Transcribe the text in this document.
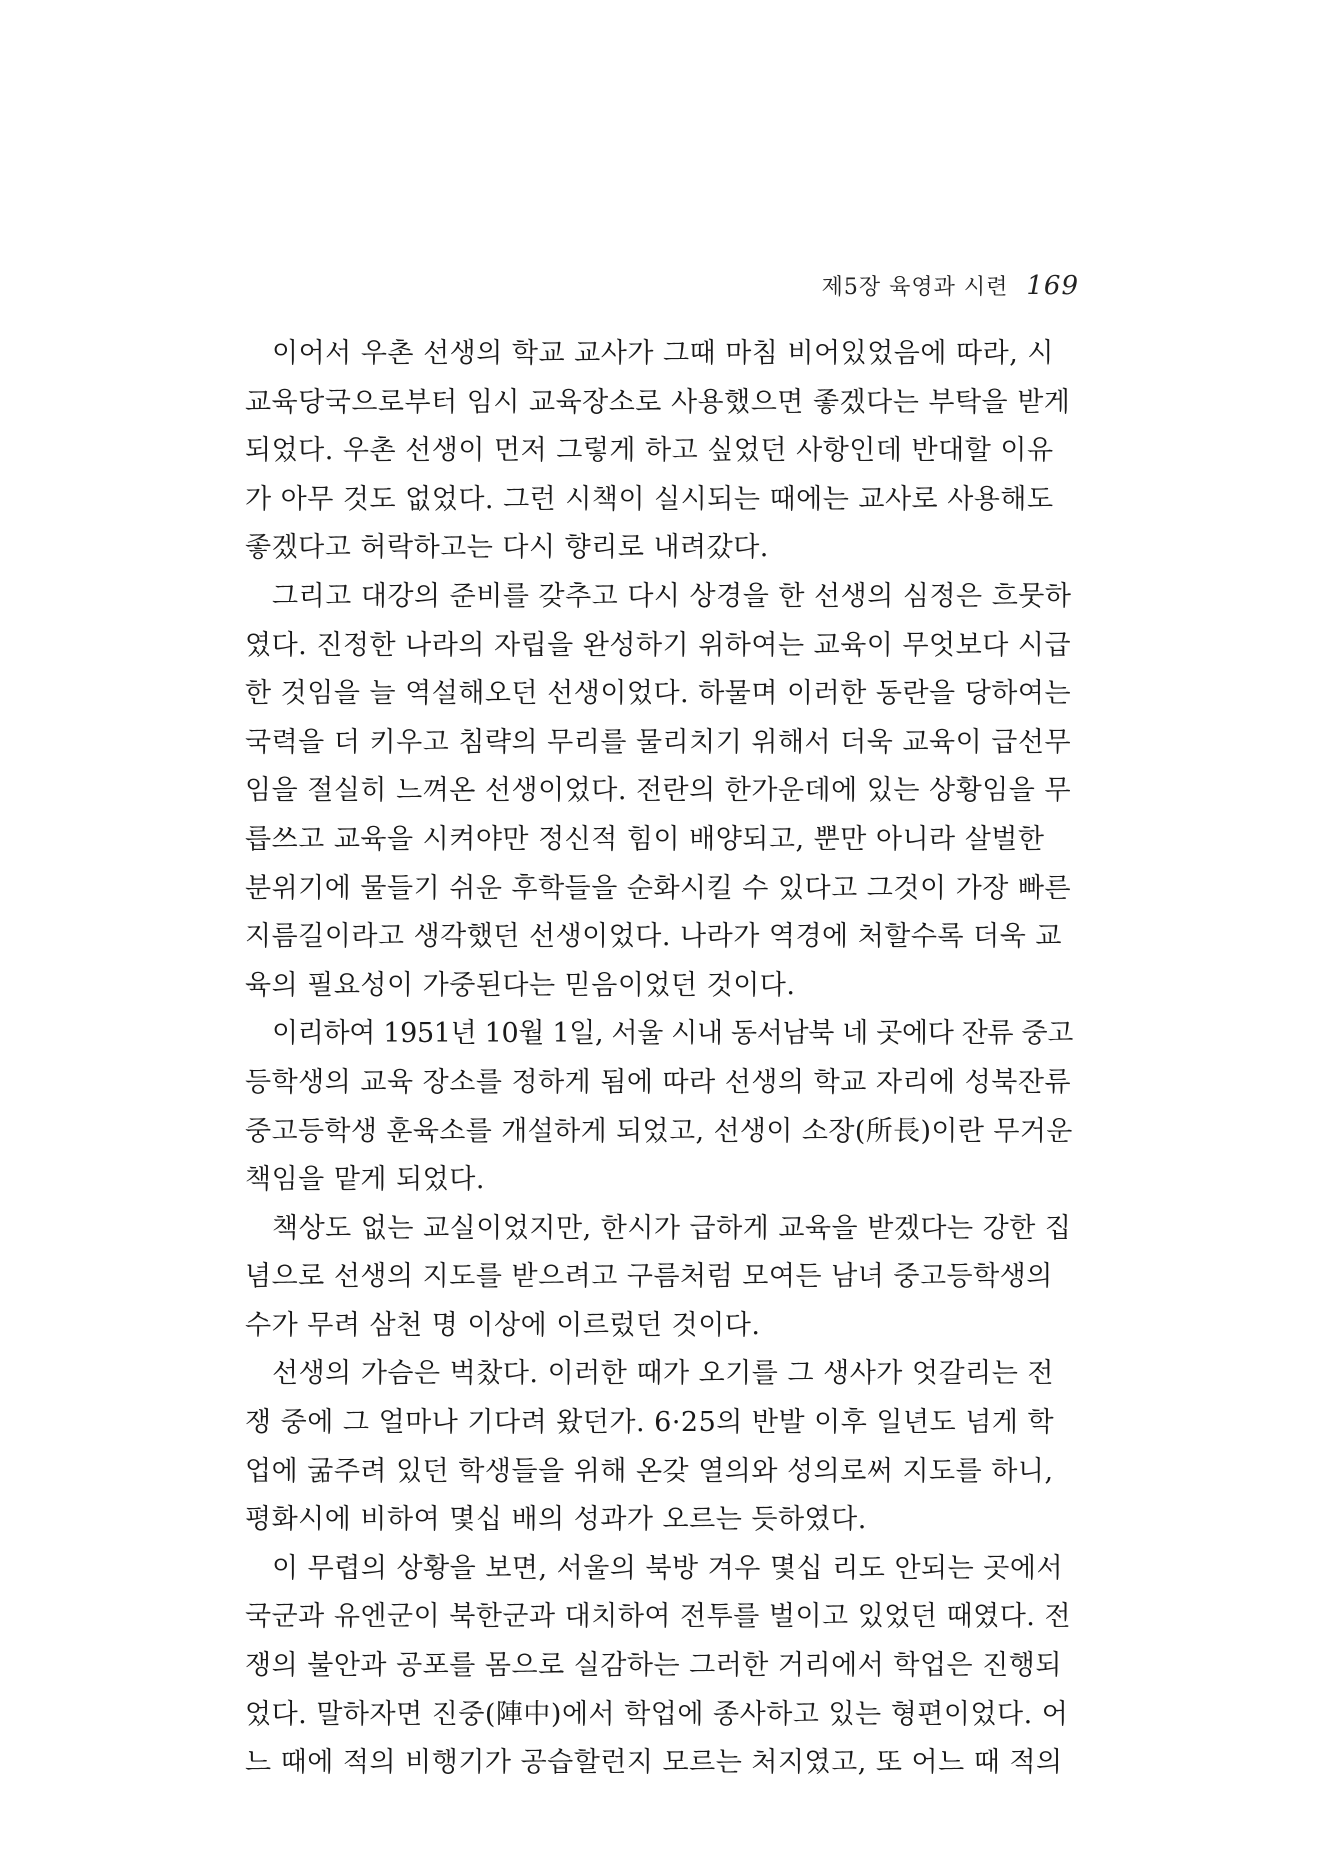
제5장 육영과 시련 169
이어서 우촌 선생의 학교 교사가 그때 마침 비어있었음에 따라, 시
교육당국으로부터 임시 교육장소로 사용했으면 좋겠다는 부탁을 받게
되었다. 우촌 선생이 먼저 그렇게 하고 싶었던 사항인데 반대할 이유
가 아무 것도 없었다. 그런 시책이 실시되는 때에는 교사로 사용해도
좋겠다고 허락하고는 다시 향리로 내려갔다.
그리고 대강의 준비를 갖추고 다시 상경을 한 선생의 심정은 흐뭇하
였다. 진정한 나라의 자립을 완성하기 위하여는 교육이 무엇보다 시급
한 것임을 늘 역설해오던 선생이었다. 하물며 이러한 동란을 당하여는
국력을 더 키우고 침략의 무리를 물리치기 위해서 더욱 교육이 급선무
임을 절실히 느껴온 선생이었다. 전란의 한가운데에 있는 상황임을 무
릅쓰고 교육을 시켜야만 정신적 힘이 배양되고, 뿐만 아니라 살벌한
분위기에 물들기 쉬운 후학들을 순화시킬 수 있다고 그것이 가장 빠른
지름길이라고 생각했던 선생이었다. 나라가 역경에 처할수록 더욱 교
육의 필요성이 가중된다는 믿음이었던 것이다.
이리하여 1951년 10월 1일, 서울 시내 동서남북 네 곳에다 잔류 중고
등학생의 교육 장소를 정하게 됨에 따라 선생의 학교 자리에 성북잔류
중고등학생 훈육소를 개설하게 되었고, 선생이 소장(所長)이란 무거운
책임을 맡게 되었다.
책상도 없는 교실이었지만, 한시가 급하게 교육을 받겠다는 강한 집
념으로 선생의 지도를 받으려고 구름처럼 모여든 남녀 중고등학생의
수가 무려 삼천 명 이상에 이르렀던 것이다.
선생의 가슴은 벅찼다. 이러한 때가 오기를 그 생사가 엇갈리는 전
쟁 중에 그 얼마나 기다려 왔던가. 6·25의 반발 이후 일년도 넘게 학
업에 굶주려 있던 학생들을 위해 온갖 열의와 성의로써 지도를 하니,
평화시에 비하여 몇십 배의 성과가 오르는 듯하였다.
이 무렵의 상황을 보면, 서울의 북방 겨우 몇십 리도 안되는 곳에서
국군과 유엔군이 북한군과 대치하여 전투를 벌이고 있었던 때였다. 전
쟁의 불안과 공포를 몸으로 실감하는 그러한 거리에서 학업은 진행되
었다. 말하자면 진중(陣中)에서 학업에 종사하고 있는 형편이었다. 어
느 때에 적의 비행기가 공습할런지 모르는 처지였고, 또 어느 때 적의
